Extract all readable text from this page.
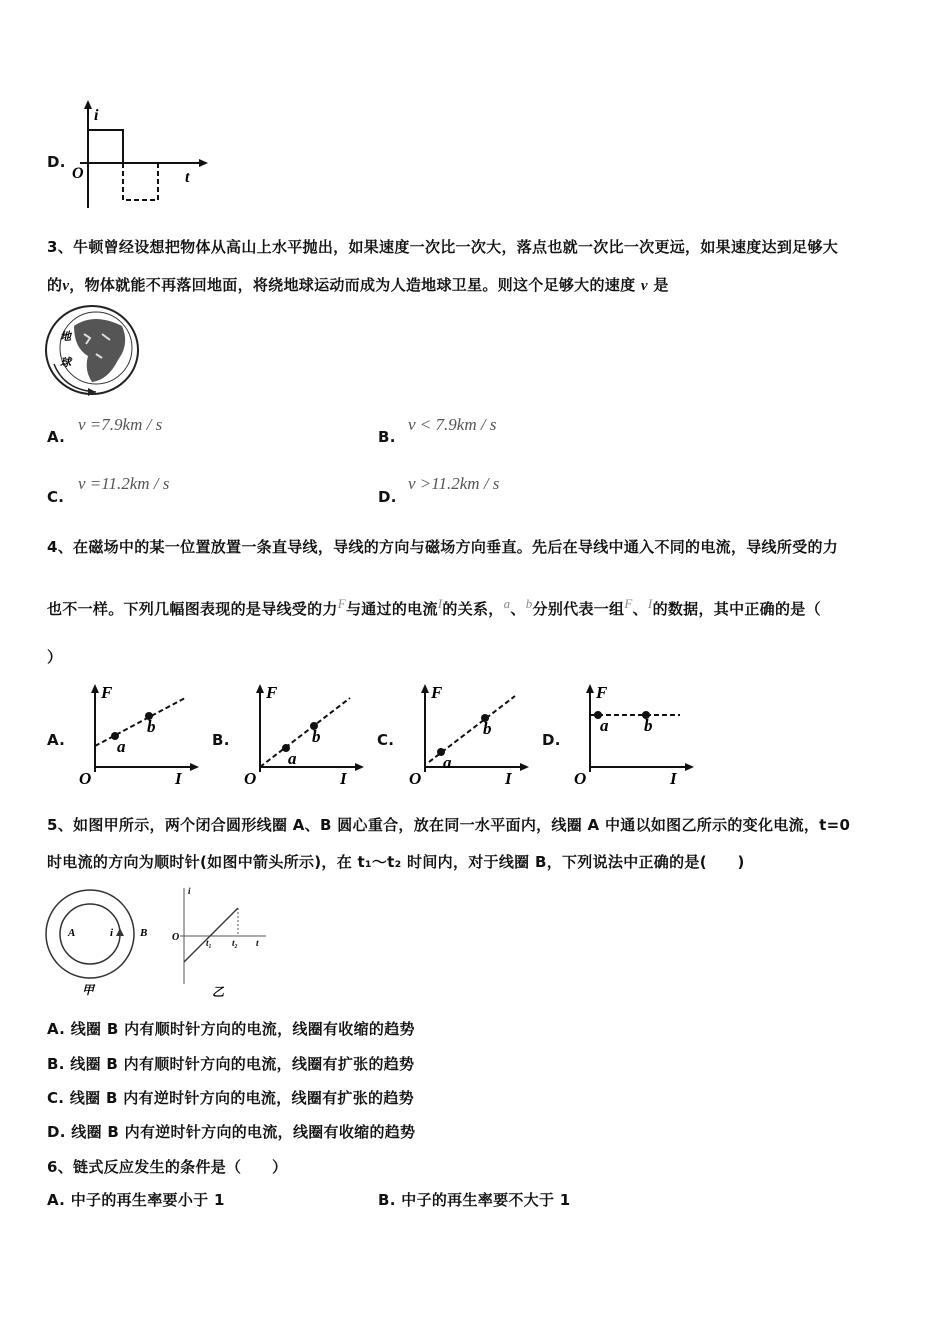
D.
i
O	t
3、牛顿曾经设想把物体从高山上水平抛出，如果速度一次比一次大，落点也就一次比一次更远，如果速度达到足够大
的v，物体就能不再落回地面，将绕地球运动而成为人造地球卫星。则这个足够大的速度 v 是
地
球
A.
v =7.9km / s
B.
v < 7.9km / s
C.
v =11.2km / s
D.
v >11.2km / s
4、在磁场中的某一位置放置一条直导线，导线的方向与磁场方向垂直。先后在导线中通入不同的电流，导线所受的力
也不一样。下列几幅图表现的是导线受的力F与通过的电流I的关系，a、b分别代表一组F、I的数据，其中正确的是（
）
a
b
F
O	I
a
b
F
O	I
a
b
F
O	I
a b
F
O	I
A.	B.	C.	D.
5、如图甲所示，两个闭合圆形线圈 A、B 圆心重合，放在同一水平面内，线圈 A 中通以如图乙所示的变化电流，t=0
时电流的方向为顺时针(如图中箭头所示)，在 t₁～t₂ 时间内，对于线圈 B，下列说法中正确的是(　　)
A	i B
甲
i
O	t₁ t₂ t
乙
A. 线圈 B 内有顺时针方向的电流，线圈有收缩的趋势
B. 线圈 B 内有顺时针方向的电流，线圈有扩张的趋势
C. 线圈 B 内有逆时针方向的电流，线圈有扩张的趋势
D. 线圈 B 内有逆时针方向的电流，线圈有收缩的趋势
6、链式反应发生的条件是（　　）
A. 中子的再生率要小于 1	B. 中子的再生率要不大于 1
